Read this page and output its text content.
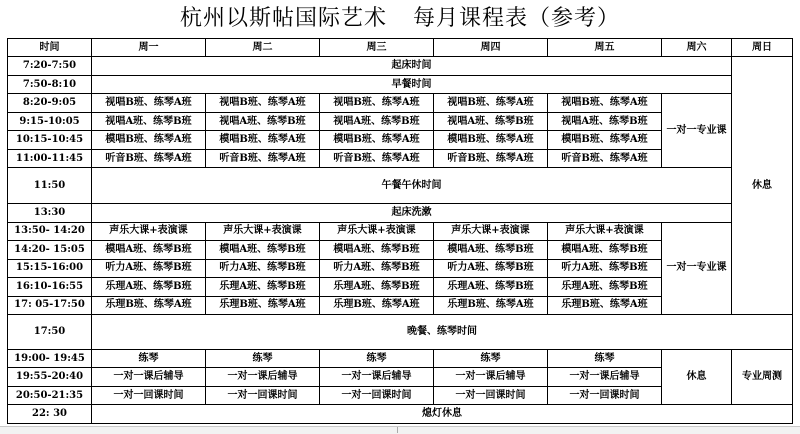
杭州以斯帖国际艺术 每月课程表（参考）
时间	周一	周二	周三	周四	周五	周六	周日
7:20-7:50	起床时间						休息
7:50-8:10	早餐时间						
8:20-9:05	视唱B班、练琴A班	视唱B班、练琴A班	视唱B班、练琴A班	视唱B班、练琴A班	视唱B班、练琴A班	一对一专业课	
9:15-10:05	视唱A班、练琴B班	视唱A班、练琴B班	视唱A班、练琴B班	视唱A班、练琴B班	视唱A班、练琴B班		
10:15-10:45	模唱B班、练琴A班	模唱B班、练琴A班	模唱B班、练琴A班	模唱B班、练琴A班	模唱B班、练琴A班		
11:00-11:45	听音B班、练琴A班	听音B班、练琴A班	听音B班、练琴A班	听音B班、练琴A班	听音B班、练琴A班		
11:50	午餐午休时间						
13:30	起床洗漱						
13:50- 14:20	声乐大课+表演课	声乐大课+表演课	声乐大课+表演课	声乐大课+表演课	声乐大课+表演课	一对一专业课	
14:20- 15:05	模唱A班、练琴B班	模唱A班、练琴B班	模唱A班、练琴B班	模唱A班、练琴B班	模唱A班、练琴B班		
15:15-16:00	听力A班、练琴B班	听力A班、练琴B班	听力A班、练琴B班	听力A班、练琴B班	听力A班、练琴B班		
16:10-16:55	乐理A班、练琴B班	乐理A班、练琴B班	乐理A班、练琴B班	乐理A班、练琴B班	乐理A班、练琴B班		
17: 05-17:50	乐理B班、练琴A班	乐理B班、练琴A班	乐理B班、练琴A班	乐理B班、练琴A班	乐理B班、练琴A班		
17:50	晚餐、练琴时间						
19:00- 19:45	练琴	练琴	练琴	练琴	练琴	休息	专业周测
19:55-20:40	一对一课后辅导	一对一课后辅导	一对一课后辅导	一对一课后辅导	一对一课后辅导		
20:50-21:35	一对一回课时间	一对一回课时间	一对一回课时间	一对一回课时间	一对一回课时间		
22: 30	熄灯休息						
